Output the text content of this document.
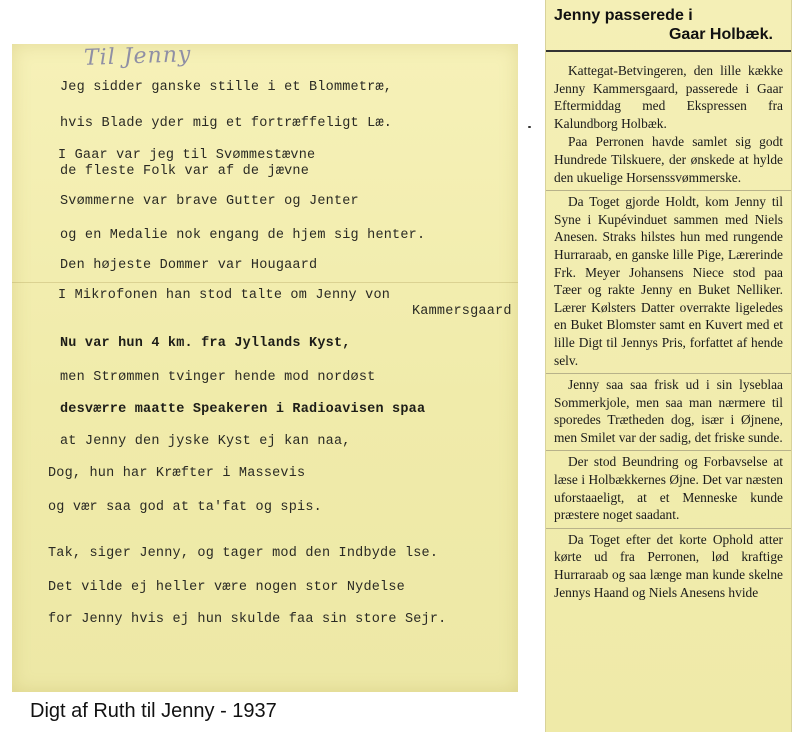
Til Jenny

Jeg sidder ganske stille i et Blommetræ,

hvis Blade yder mig et fortræffeligt Læ.

I Gaar var jeg til Svømmestævne

de fleste Folk var af de jævne

Svømmerne var brave Gutter og Jenter

og en Medalie nok engang de hjem sig henter.

Den højeste Dommer var Hougaard

I Mikrofonen han stod talte om Jenny von

Kammersgaard

Nu var hun 4 km. fra Jyllands Kyst,

men Strømmen tvinger hende mod nordøst

desværre maatte Speakeren i Radioavisen spaa

at Jenny den jyske Kyst ej kan naa,

Dog, hun har Kræfter i Massevis

og vær saa god at ta'fat og spis.

Tak, siger Jenny, og tager mod den Indbyde lse.

Det vilde ej heller være nogen stor Nydelse

for Jenny hvis ej hun skulde faa sin store Sejr.

Digt af Ruth til Jenny - 1937

Jenny passerede i
Gaar Holbæk.

Kattegat-Betvingeren, den lille kække Jenny Kammersgaard, passerede i Gaar Eftermiddag med Ekspressen fra Kalundborg Holbæk.

Paa Perronen havde samlet sig godt Hundrede Tilskuere, der ønskede at hylde den ukuelige Horsenssvømmerske.

Da Toget gjorde Holdt, kom Jenny til Syne i Kupévinduet sammen med Niels Anesen. Straks hilstes hun med rungende Hurraraab, en ganske lille Pige, Lærerinde Frk. Meyer Johansens Niece stod paa Tæer og rakte Jenny en Buket Nelliker. Lærer Kølsters Datter overrakte ligeledes en Buket Blomster samt en Kuvert med et lille Digt til Jennys Pris, forfattet af hende selv.

Jenny saa saa frisk ud i sin lyseblaa Sommerkjole, men saa man nærmere til sporedes Trætheden dog, især i Øjnene, men Smilet var der sadig, det friske sunde.

Der stod Beundring og Forbavselse at læse i Holbækkernes Øjne. Det var næsten uforstaaeligt, at et Menneske kunde præstere noget saadant.

Da Toget efter det korte Ophold atter kørte ud fra Perronen, lød kraftige Hurraraab og saa længe man kunde skelne Jennys Haand og Niels Anesens hvide
